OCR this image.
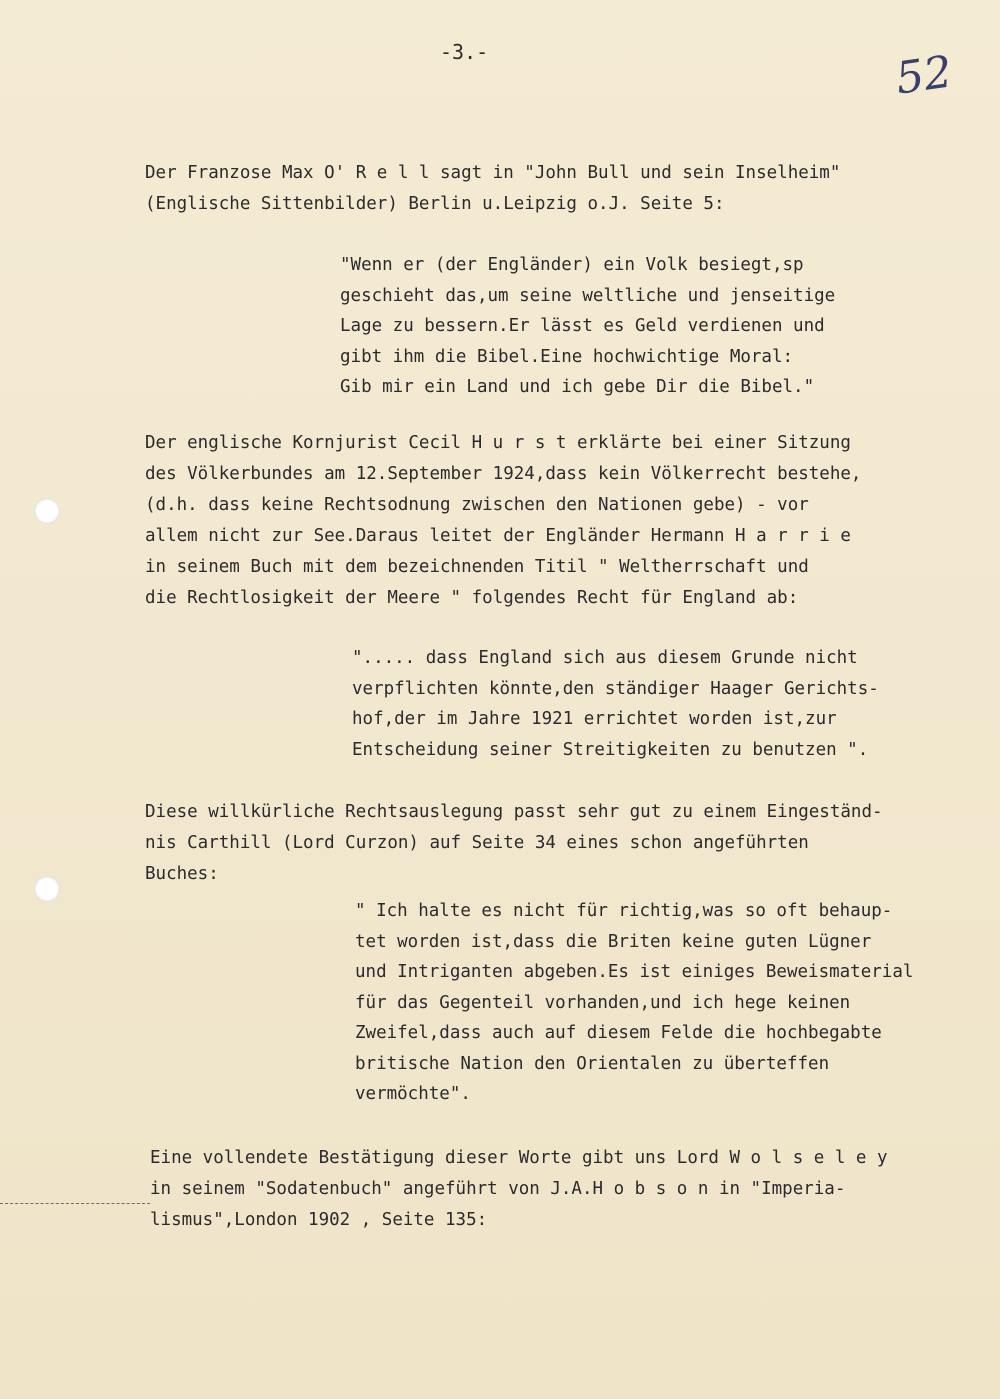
-3.-	52
Der Franzose Max O' R e l l sagt in "John Bull und sein Inselheim"
(Englische Sittenbilder) Berlin u.Leipzig o.J. Seite 5:
"Wenn er (der Engländer) ein Volk besiegt,sp
geschieht das,um seine weltliche und jenseitige
Lage zu bessern.Er lässt es Geld verdienen und
gibt ihm die Bibel.Eine hochwichtige Moral:
Gib mir ein Land und ich gebe Dir die Bibel."
Der englische Kornjurist Cecil H u r s t erklärte bei einer Sitzung
des Völkerbundes am 12.September 1924,dass kein Völkerrecht bestehe,
(d.h. dass keine Rechtsodnung zwischen den Nationen gebe) - vor
allem nicht zur See.Daraus leitet der Engländer Hermann H a r r i e
in seinem Buch mit dem bezeichnenden Titil " Weltherrschaft und
die Rechtlosigkeit der Meere " folgendes Recht für England ab:
"..... dass England sich aus diesem Grunde nicht
verpflichten könnte,den ständiger Haager Gerichts-
hof,der im Jahre 1921 errichtet worden ist,zur
Entscheidung seiner Streitigkeiten zu benutzen ".
Diese willkürliche Rechtsauslegung passt sehr gut zu einem Eingeständ-
nis Carthill (Lord Curzon) auf Seite 34 eines schon angeführten
Buches:
" Ich halte es nicht für richtig,was so oft behaup-
tet worden ist,dass die Briten keine guten Lügner
und Intriganten abgeben.Es ist einiges Beweismaterial
für das Gegenteil vorhanden,und ich hege keinen
Zweifel,dass auch auf diesem Felde die hochbegabte
britische Nation den Orientalen zu überteffen
vermöchte".
Eine vollendete Bestätigung dieser Worte gibt uns Lord W o l s e l e y
in seinem "Sodatenbuch" angeführt von J.A.H o b s o n in "Imperia-
lismus",London 1902 , Seite 135:
